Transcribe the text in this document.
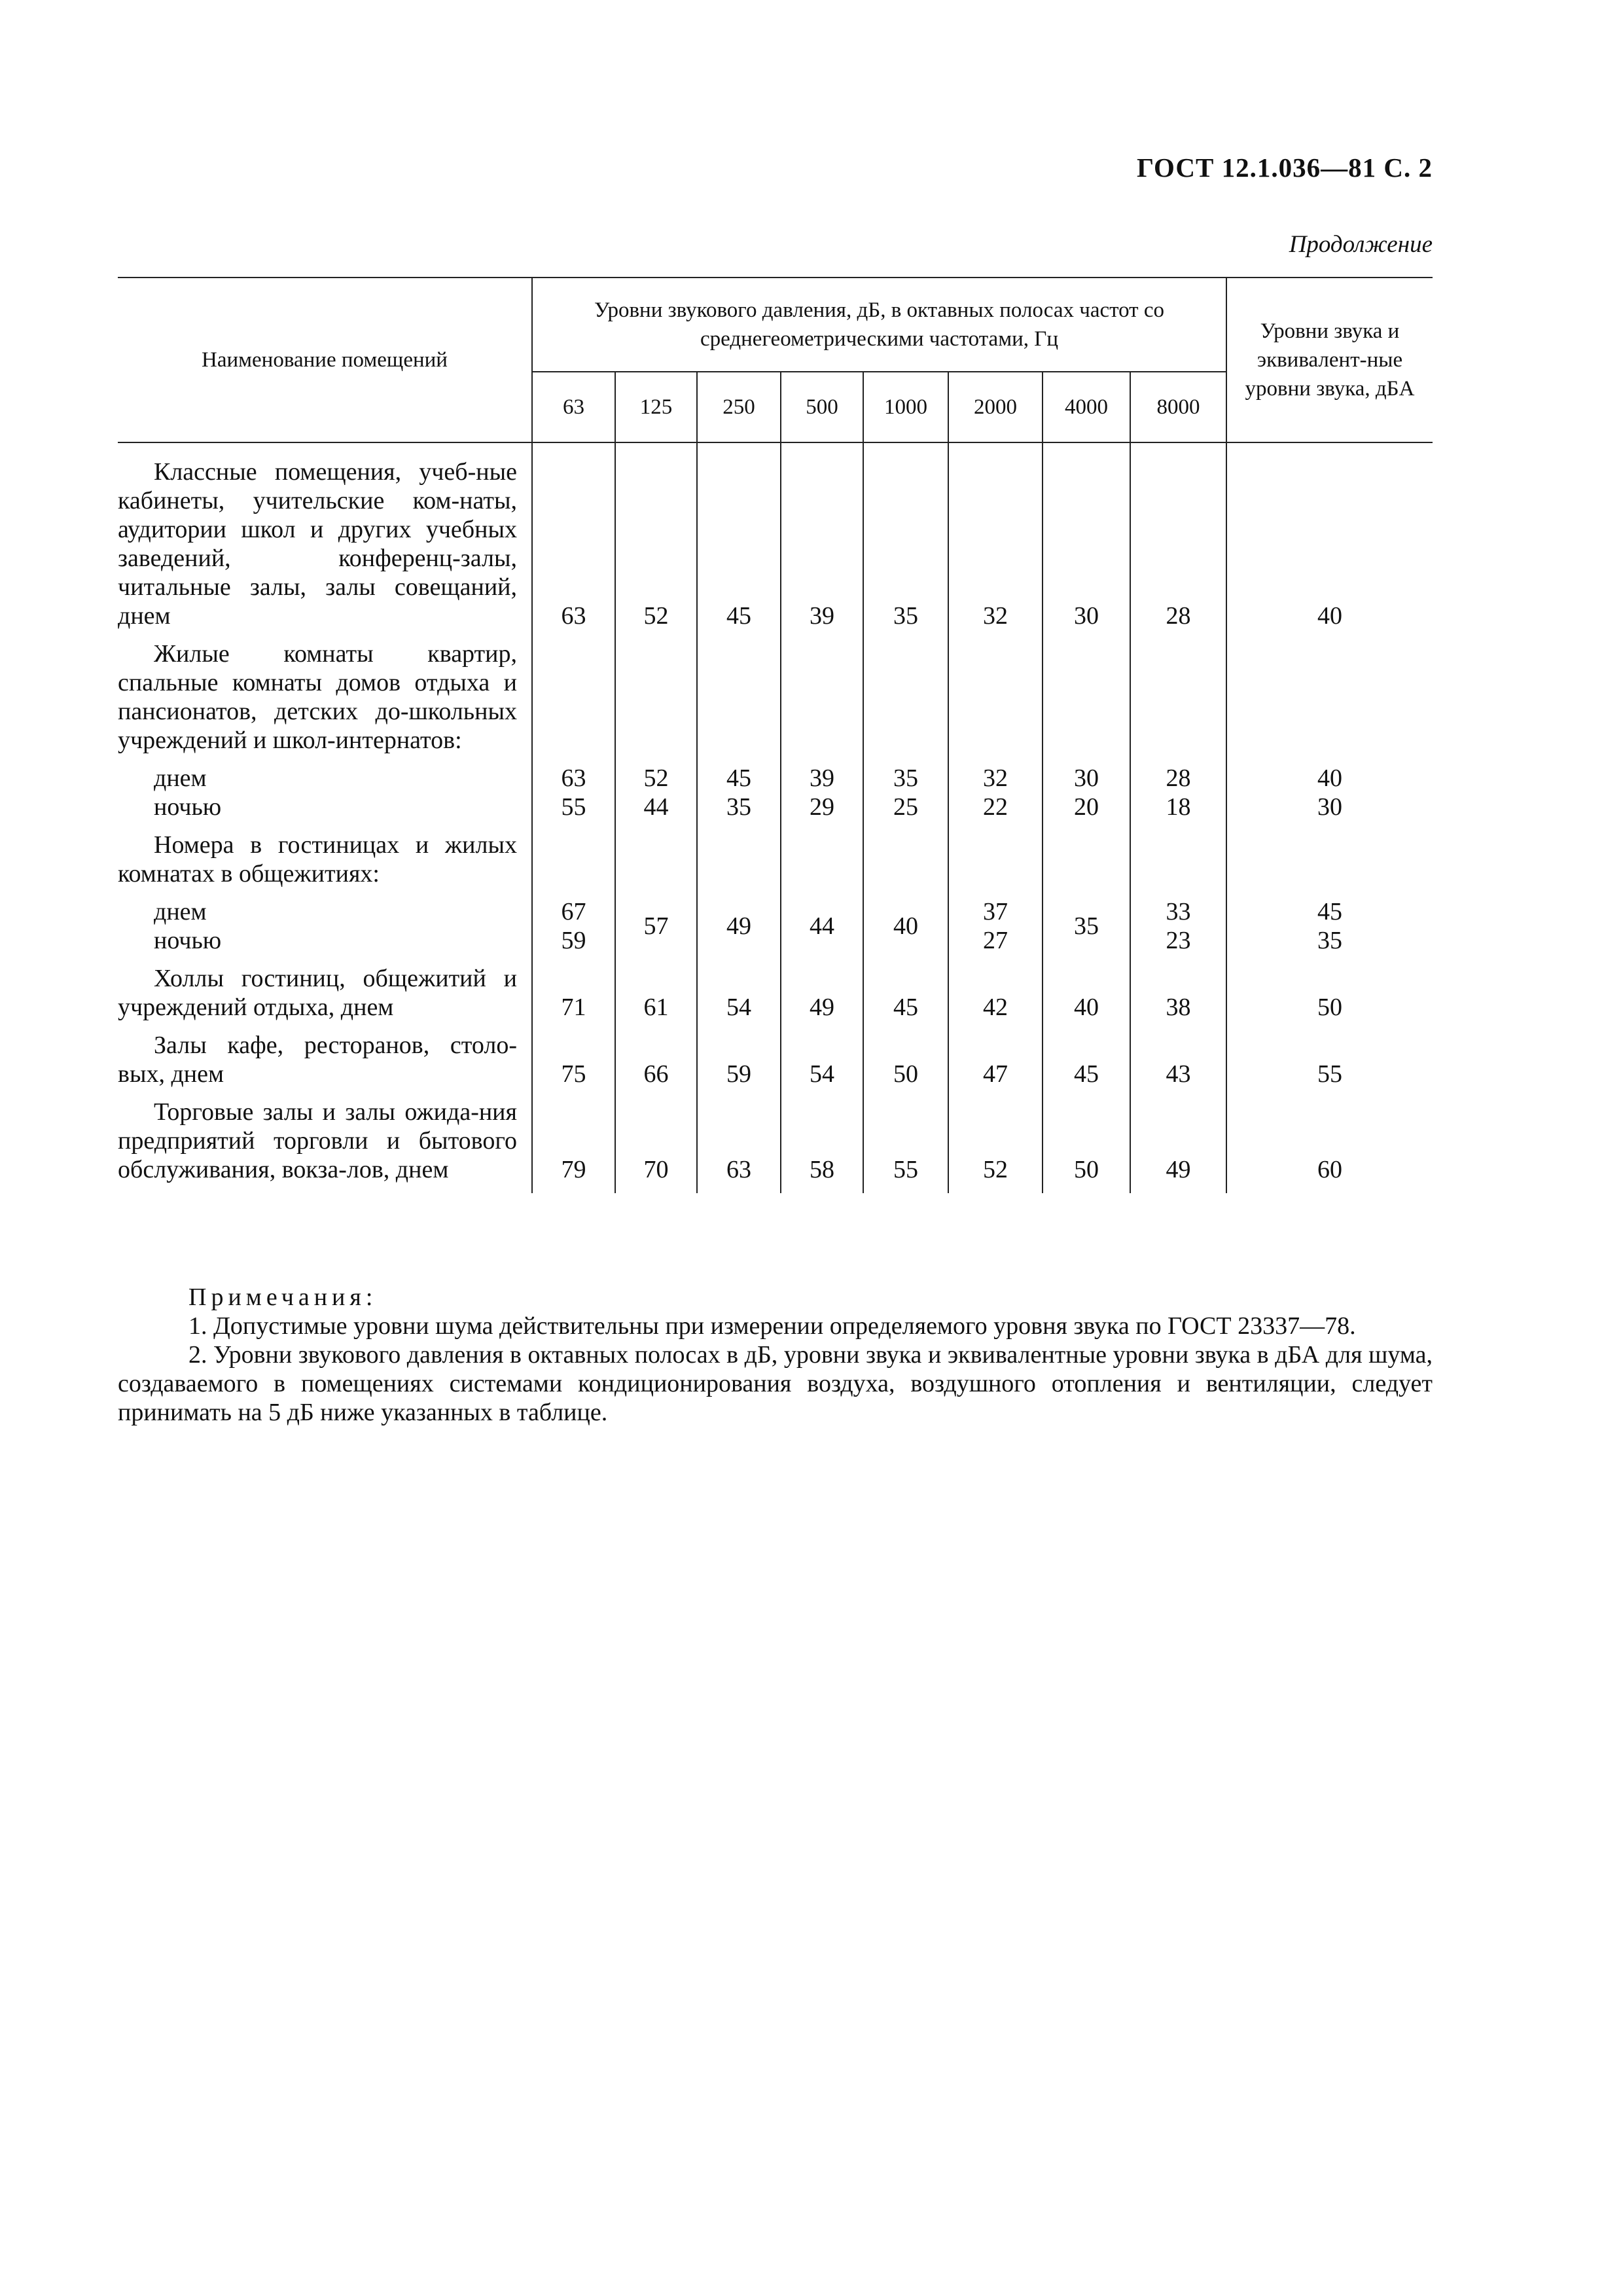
ГОСТ 12.1.036—81 С. 2
Продолжение
Наименование помещений	Уровни звукового давления, дБ, в октавных полосах частот со среднегеометрическими частотами, Гц								Уровни звука и эквивалент-ные уровни звука, дБA
	63	125	250	500	1000	2000	4000	8000	

Классные помещения, учеб-ные кабинеты, учительские ком-наты, аудитории школ и других учебных заведений, конференц-залы, читальные залы, залы совещаний, днем	63	52	45	39	35	32	30	28	40

Жилые комнаты квартир, спальные комнаты домов отдыха и пансионатов, детских до-школьных учреждений и школ-интернатов:									

днем	63	52	45	39	35	32	30	28	40

ночью	55	44	35	29	25	22	20	18	30

Номера в гостиницах и жилых комнатах в общежитиях:									

днем	67	57	49	44	40	37	35	33	45

ночью	59					27		23	35

Холлы гостиниц, общежитий и учреждений отдыха, днем	71	61	54	49	45	42	40	38	50

Залы кафе, ресторанов, столо-вых, днем	75	66	59	54	50	47	45	43	55

Торговые залы и залы ожида-ния предприятий торговли и бытового обслуживания, вокза-лов, днем	79	70	63	58	55	52	50	49	60

Примечания:
1. Допустимые уровни шума действительны при измерении определяемого уровня звука по ГОСТ 23337—78.
2. Уровни звукового давления в октавных полосах в дБ, уровни звука и эквивалентные уровни звука в дБА для шума, создаваемого в помещениях системами кондиционирования воздуха, воздушного отопления и вентиляции, следует принимать на 5 дБ ниже указанных в таблице.
